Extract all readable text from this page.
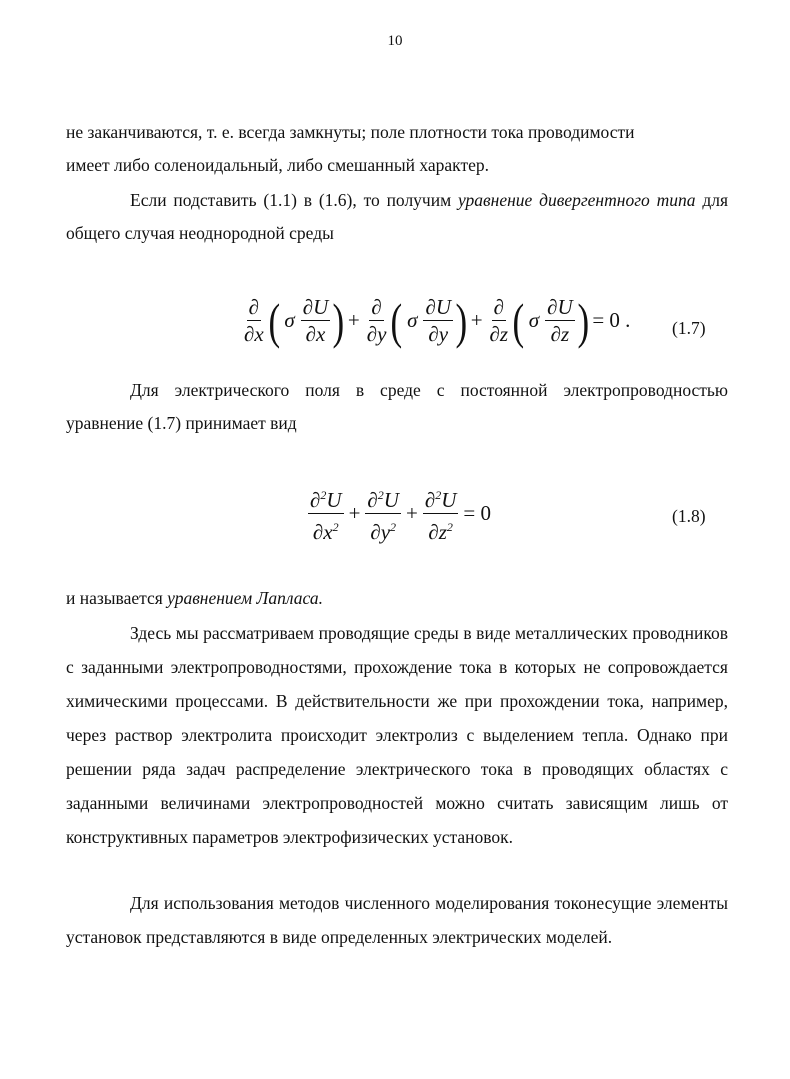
10

не заканчиваются, т. е. всегда замкнуты; поле плотности тока проводимости
имеет либо соленоидальный, либо смешанный характер.

Если подставить (1.1) в (1.6), то получим уравнение дивергентного типа для общего случая неоднородной среды

$\frac{\partial}{\partial x}$ ( σ $\frac{\partial U}{\partial x}$ ) + $\frac{\partial}{\partial y}$ ( σ $\frac{\partial U}{\partial y}$ ) + $\frac{\partial}{\partial z}$ ( σ $\frac{\partial U}{\partial z}$ ) = 0 . (1.7)

Для электрического поля в среде с постоянной электропроводностью уравнение (1.7) принимает вид

$\frac{\partial^2U}{\partial x^2} + \frac{\partial^2U}{\partial y^2} + \frac{\partial^2U}{\partial z^2} = 0$	(1.8)

и называется уравнением Лапласа.

Здесь мы рассматриваем проводящие среды в виде металлических проводников с заданными электропроводностями, прохождение тока в которых не сопровождается химическими процессами. В действительности же при прохождении тока, например, через раствор электролита происходит электролиз с выделением тепла. Однако при решении ряда задач распределение электрического тока в проводящих областях с заданными величинами электропроводностей можно считать зависящим лишь от конструктивных параметров электрофизических установок.

Для использования методов численного моделирования токонесущие элементы установок представляются в виде определенных электрических моделей.
